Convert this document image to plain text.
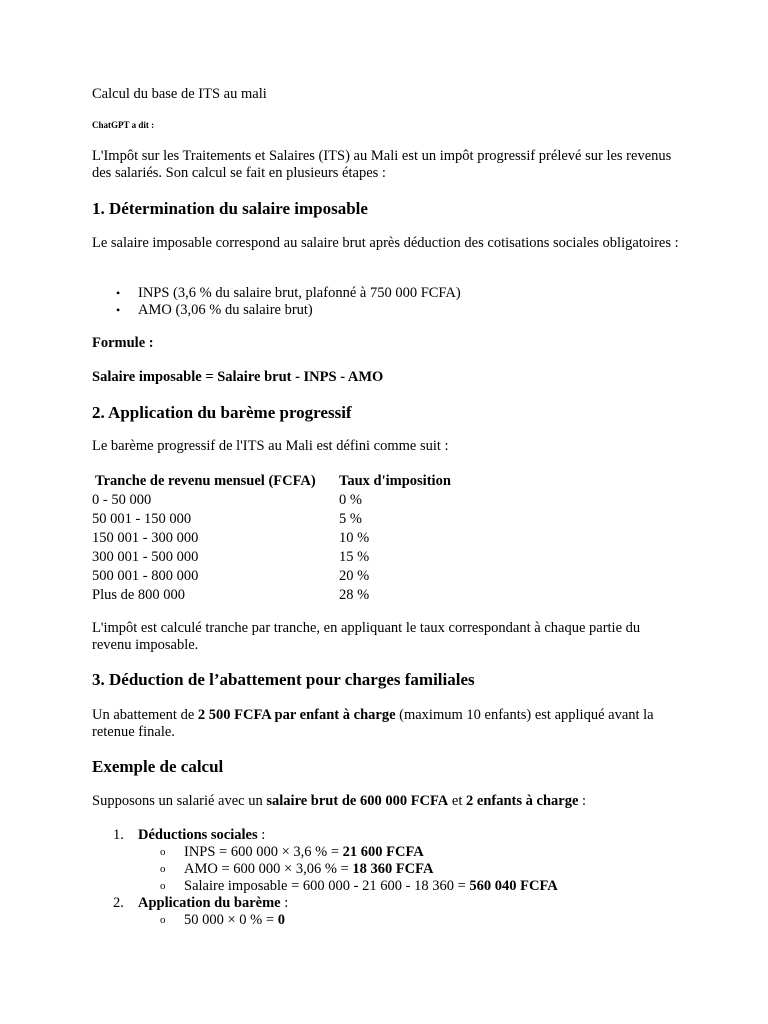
Calcul du base de ITS au mali
ChatGPT a dit :
L'Impôt sur les Traitements et Salaires (ITS) au Mali est un impôt progressif prélevé sur les revenus des salariés. Son calcul se fait en plusieurs étapes :
1. Détermination du salaire imposable
Le salaire imposable correspond au salaire brut après déduction des cotisations sociales obligatoires :
• INPS (3,6 % du salaire brut, plafonné à 750 000 FCFA)
• AMO (3,06 % du salaire brut)
Formule :
Salaire imposable = Salaire brut - INPS - AMO
2. Application du barème progressif
Le barème progressif de l'ITS au Mali est défini comme suit :
Tranche de revenu mensuel (FCFA)	Taux d'imposition
0 - 50 000	0 %
50 001 - 150 000	5 %
150 001 - 300 000	10 %
300 001 - 500 000	15 %
500 001 - 800 000	20 %
Plus de 800 000	28 %
L'impôt est calculé tranche par tranche, en appliquant le taux correspondant à chaque partie du revenu imposable.
3. Déduction de l’abattement pour charges familiales
Un abattement de 2 500 FCFA par enfant à charge (maximum 10 enfants) est appliqué avant la retenue finale.
Exemple de calcul
Supposons un salarié avec un salaire brut de 600 000 FCFA et 2 enfants à charge :
1. Déductions sociales :
o INPS = 600 000 × 3,6 % = 21 600 FCFA
o AMO = 600 000 × 3,06 % = 18 360 FCFA
o Salaire imposable = 600 000 - 21 600 - 18 360 = 560 040 FCFA
2. Application du barème :
o 50 000 × 0 % = 0
